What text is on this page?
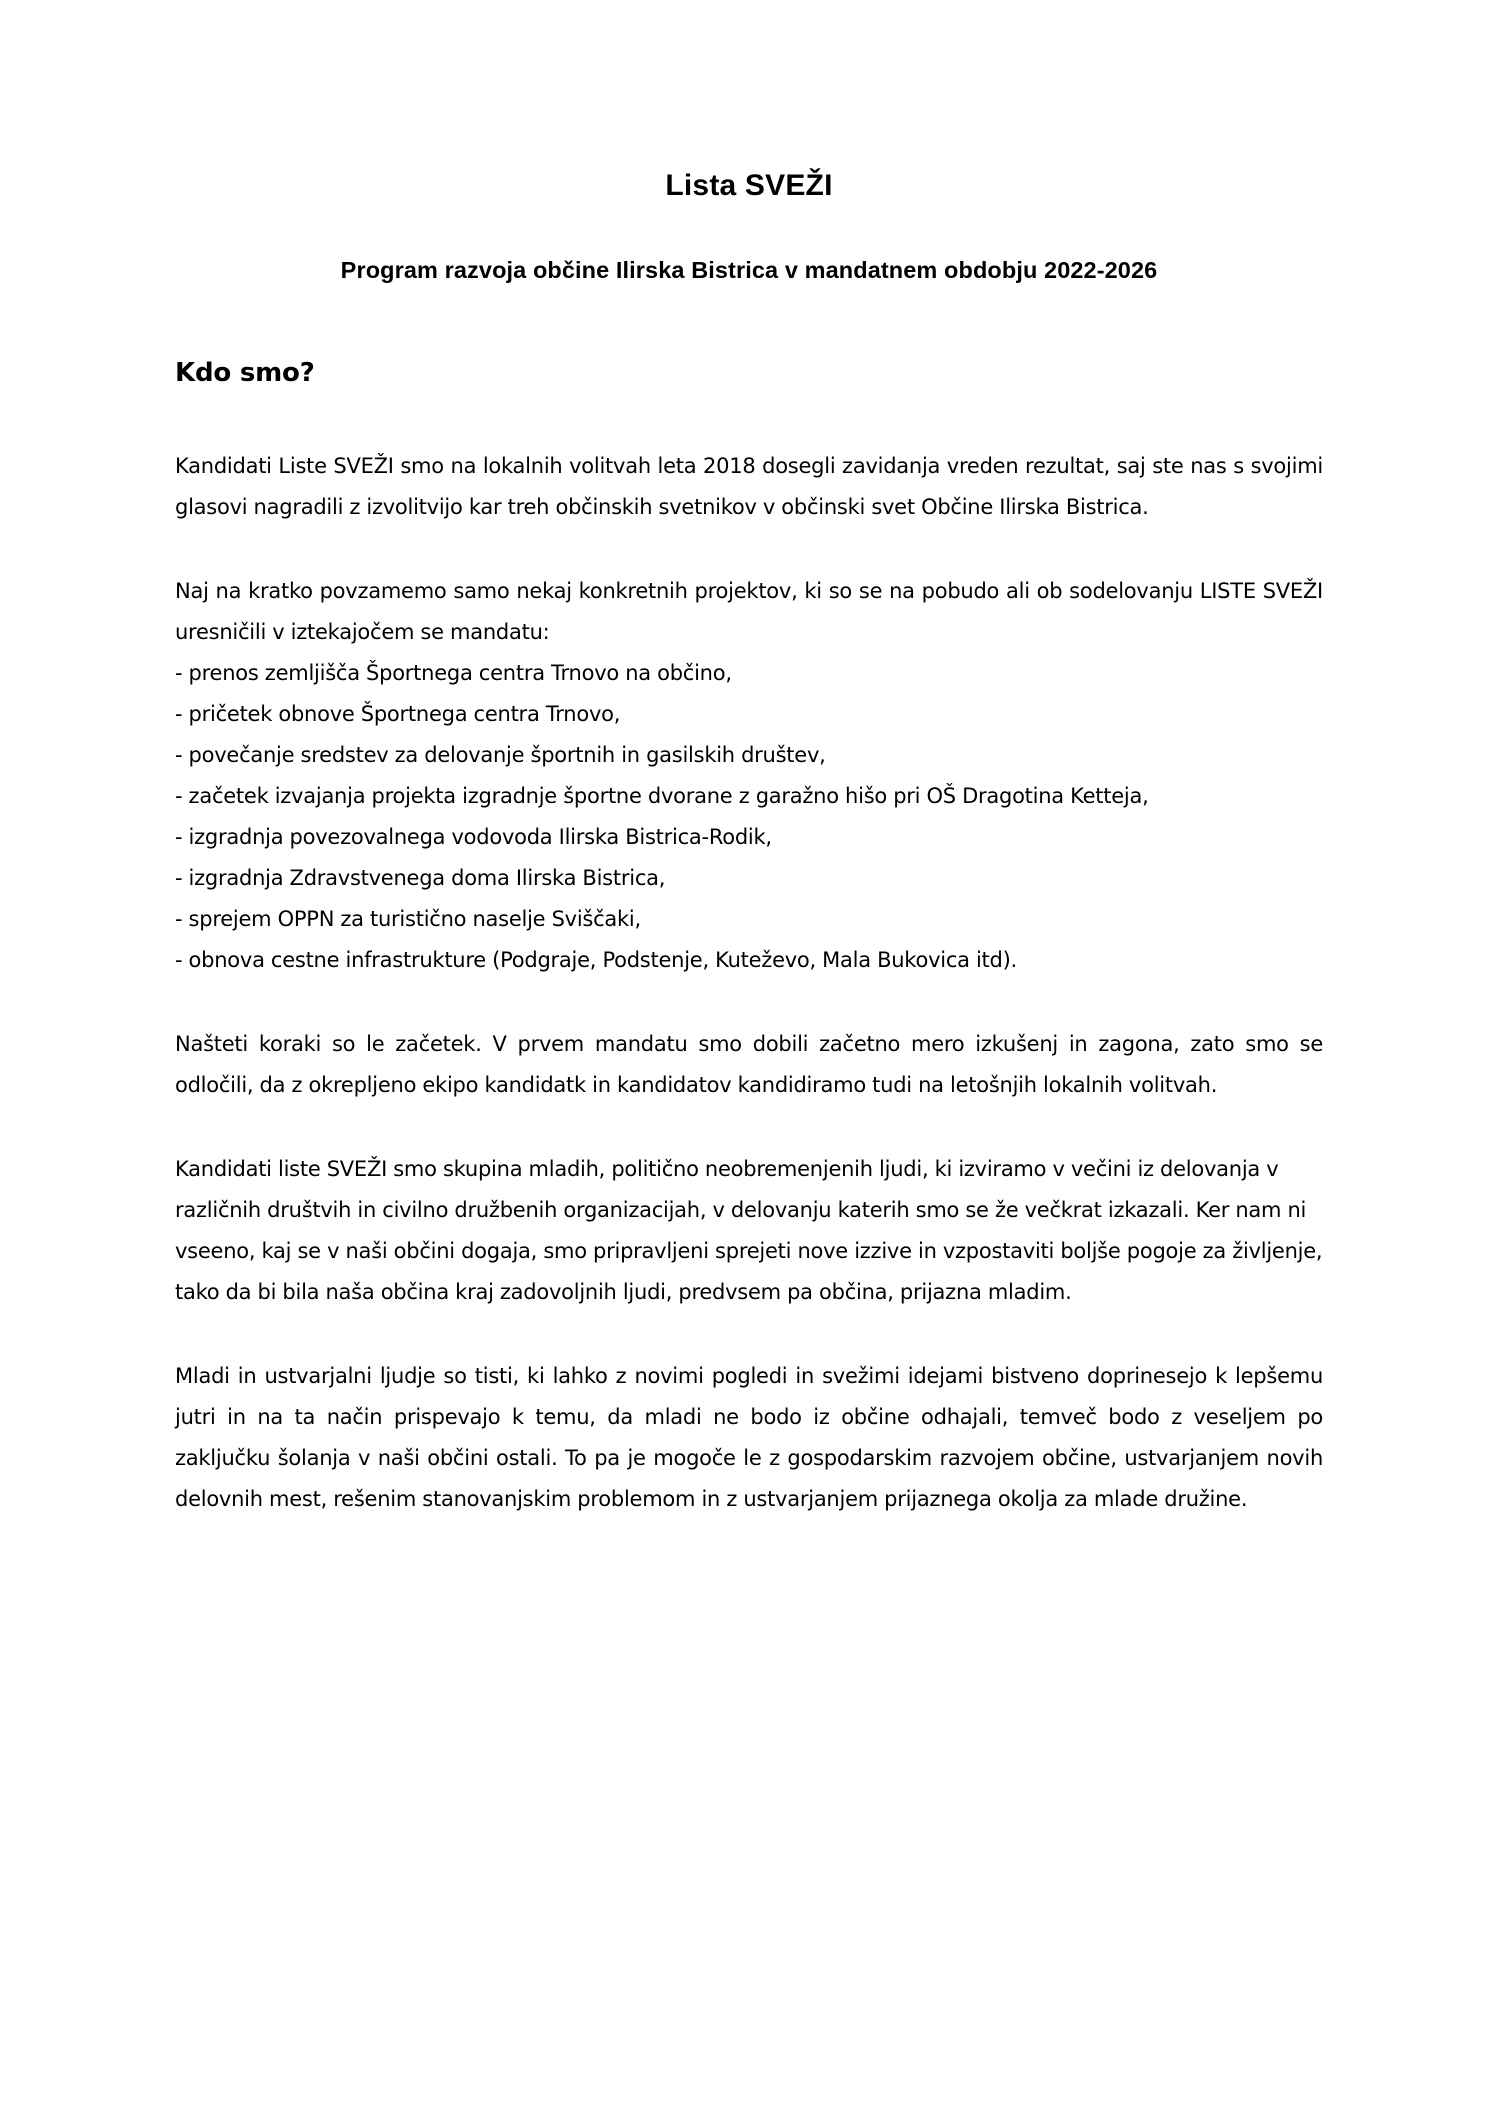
Lista SVEŽI
Program razvoja občine Ilirska Bistrica v mandatnem obdobju 2022-2026
Kdo smo?

Kandidati Liste SVEŽI smo na lokalnih volitvah leta 2018 dosegli zavidanja vreden rezultat, saj ste nas s svojimi glasovi nagradili z izvolitvijo kar treh občinskih svetnikov v občinski svet Občine Ilirska Bistrica.

Naj na kratko povzamemo samo nekaj konkretnih projektov, ki so se na pobudo ali ob sodelovanju LISTE SVEŽI uresničili v iztekajočem se mandatu:

- prenos zemljišča Športnega centra Trnovo na občino,
- pričetek obnove Športnega centra Trnovo,
- povečanje sredstev za delovanje športnih in gasilskih društev,
- začetek izvajanja projekta izgradnje športne dvorane z garažno hišo pri OŠ Dragotina Ketteja,
- izgradnja povezovalnega vodovoda Ilirska Bistrica-Rodik,
- izgradnja Zdravstvenega doma Ilirska Bistrica,
- sprejem OPPN za turistično naselje Sviščaki,
- obnova cestne infrastrukture (Podgraje, Podstenje, Kuteževo, Mala Bukovica itd).

Našteti koraki so le začetek. V prvem mandatu smo dobili začetno mero izkušenj in zagona, zato smo se odločili, da z okrepljeno ekipo kandidatk in kandidatov kandidiramo tudi na letošnjih lokalnih volitvah.

Kandidati liste SVEŽI smo skupina mladih, politično neobremenjenih ljudi, ki izviramo v večini iz delovanja v različnih društvih in civilno družbenih organizacijah, v delovanju katerih smo se že večkrat izkazali. Ker nam ni vseeno, kaj se v naši občini dogaja, smo pripravljeni sprejeti nove izzive in vzpostaviti boljše pogoje za življenje, tako da bi bila naša občina kraj zadovoljnih ljudi, predvsem pa občina, prijazna mladim.

Mladi in ustvarjalni ljudje so tisti, ki lahko z novimi pogledi in svežimi idejami bistveno doprinesejo k lepšemu jutri in na ta način prispevajo k temu, da mladi ne bodo iz občine odhajali, temveč bodo z veseljem po zaključku šolanja v naši občini ostali. To pa je mogoče le z gospodarskim razvojem občine, ustvarjanjem novih delovnih mest, rešenim stanovanjskim problemom in z ustvarjanjem prijaznega okolja za mlade družine.
